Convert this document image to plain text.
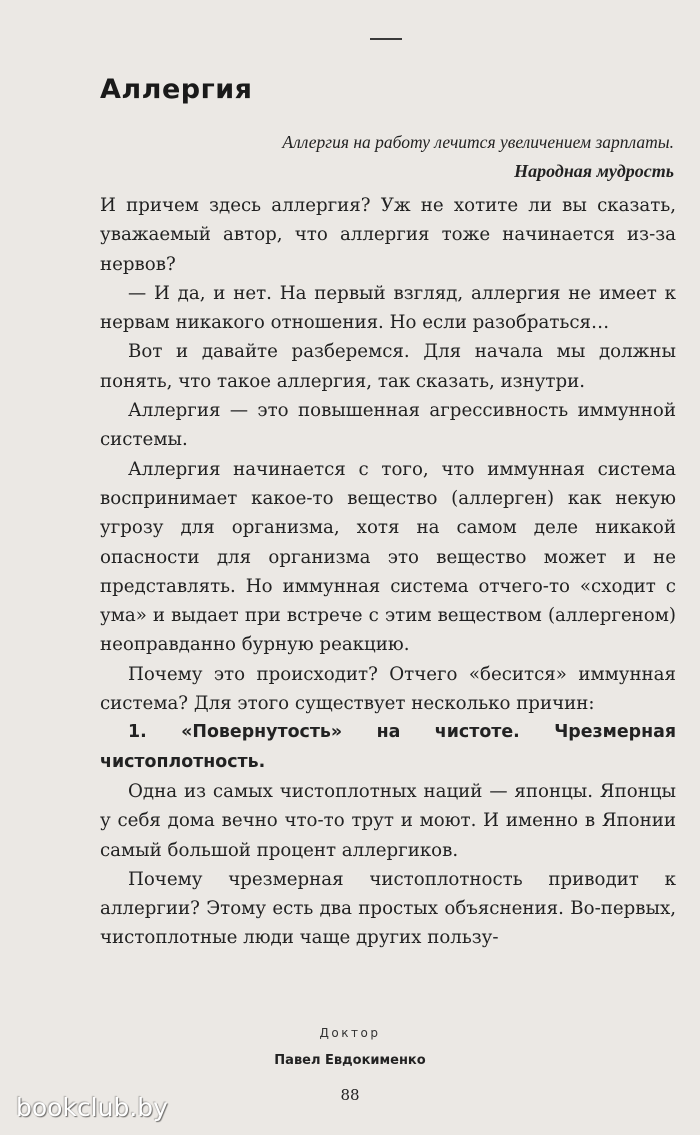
Аллергия
Аллергия на работу лечится увеличением зарплаты.
Народная мудрость

И причем здесь аллергия? Уж не хотите ли вы сказать, уважаемый автор, что аллергия тоже начинается из-за нервов?

— И да, и нет. На первый взгляд, аллергия не имеет к нервам никакого отношения. Но если разобраться…

Вот и давайте разберемся. Для начала мы должны понять, что такое аллергия, так сказать, изнутри.

Аллергия — это повышенная агрессивность иммунной системы.

Аллергия начинается с того, что иммунная система воспринимает какое-то вещество (аллерген) как некую угрозу для организма, хотя на самом деле никакой опасности для организма это вещество может и не представлять. Но иммунная система отчего-то «сходит с ума» и выдает при встрече с этим веществом (аллергеном) неоправданно бурную реакцию.

Почему это происходит? Отчего «бесится» иммунная система? Для этого существует несколько причин:

1. «Повернутость» на чистоте. Чрезмерная чистоплотность.

Одна из самых чистоплотных наций — японцы. Японцы у себя дома вечно что-то трут и моют. И именно в Японии самый большой процент аллергиков.

Почему чрезмерная чистоплотность приводит к аллергии? Этому есть два простых объяснения. Во-первых, чистоплотные люди чаще других пользу-

Доктор
Павел Евдокименко
88
bookclub.by
